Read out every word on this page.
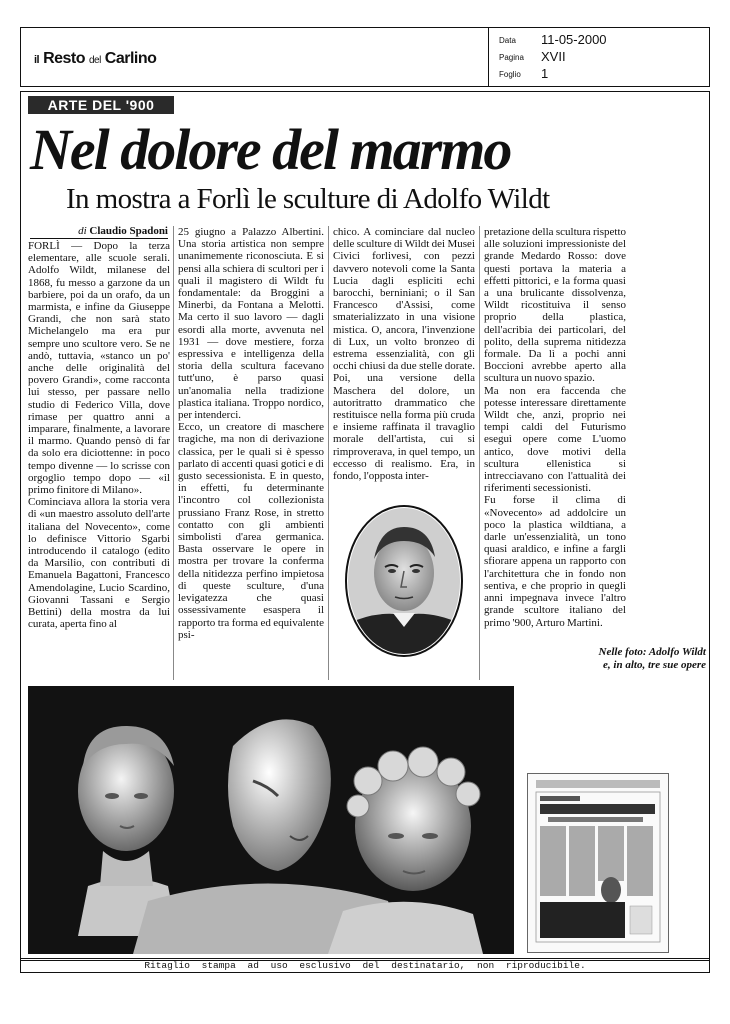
il Resto del Carlino
Data	11-05-2000
Pagina	XVII
Foglio	1
ARTE DEL '900
Nel dolore del marmo
In mostra a Forlì le sculture di Adolfo Wildt
di Claudio Spadoni

FORLÌ — Dopo la terza elementare, alle scuole serali. Adolfo Wildt, milanese del 1868, fu messo a garzone da un barbiere, poi da un orafo, da un marmista, e infine da Giuseppe Grandi, che non sarà stato Michelangelo ma era pur sempre uno scultore vero. Se ne andò, tuttavia, «stanco un po' anche delle originalità del povero Grandi», come racconta lui stesso, per passare nello studio di Federico Villa, dove rimase per quattro anni a imparare, finalmente, a lavorare il marmo. Quando pensò di far da solo era diciottenne: in poco tempo divenne — lo scrisse con orgoglio tempo dopo — «il primo finitore di Milano».

Cominciava allora la storia vera di «un maestro assoluto dell'arte italiana del Novecento», come lo definisce Vittorio Sgarbi introducendo il catalogo (edito da Marsilio, con contributi di Emanuela Bagattoni, Francesco Amendolagine, Lucio Scardino, Giovanni Tassani e Sergio Bettini) della mostra da lui curata, aperta fino al

25 giugno a Palazzo Albertini. Una storia artistica non sempre unanimemente riconosciuta. E si pensi alla schiera di scultori per i quali il magistero di Wildt fu fondamentale: da Broggini a Minerbi, da Fontana a Melotti. Ma certo il suo lavoro — dagli esordi alla morte, avvenuta nel 1931 — dove mestiere, forza espressiva e intelligenza della storia della scultura facevano tutt'uno, è parso quasi un'anomalia nella tradizione plastica italiana. Troppo nordico, per intenderci.

Ecco, un creatore di maschere tragiche, ma non di derivazione classica, per le quali si è spesso parlato di accenti quasi gotici e di gusto secessionista. E in questo, in effetti, fu determinante l'incontro col collezionista prussiano Franz Rose, in stretto contatto con gli ambienti simbolisti d'area germanica. Basta osservare le opere in mostra per trovare la conferma della nitidezza perfino impietosa di queste sculture, d'una levigatezza che quasi ossessivamente esaspera il rapporto tra forma ed equivalente psi-

chico. A cominciare dal nucleo delle sculture di Wildt dei Musei Civici forlivesi, con pezzi davvero notevoli come la Santa Lucia dagli espliciti echi barocchi, berniniani; o il San Francesco d'Assisi, come smaterializzato in una visione mistica. O, ancora, l'invenzione di Lux, un volto bronzeo di estrema essenzialità, con gli occhi chiusi da due stelle dorate. Poi, una versione della Maschera del dolore, un autoritratto drammatico che restituisce nella forma più cruda e insieme raffinata il travaglio morale dell'artista, cui si rimproverava, in quel tempo, un eccesso di realismo. Era, in fondo, l'opposta inter-

pretazione della scultura rispetto alle soluzioni impressioniste del grande Medardo Rosso: dove questi portava la materia a effetti pittorici, e la forma quasi a una brulicante dissolvenza, Wildt ricostituiva il senso proprio della plastica, dell'acribia dei particolari, del polito, della suprema nitidezza formale. Da lì a pochi anni Boccioni avrebbe aperto alla scultura un nuovo spazio.

Ma non era faccenda che potesse interessare direttamente Wildt che, anzi, proprio nei tempi caldi del Futurismo eseguì opere come L'uomo antico, dove motivi della scultura ellenistica si intrecciavano con l'attualità dei riferimenti secessionisti.

Fu forse il clima di «Novecento» ad addolcire un poco la plastica wildtiana, a darle un'essenzialità, un tono quasi araldico, e infine a fargli sfiorare appena un rapporto con l'architettura che in fondo non sentiva, e che proprio in quegli anni impegnava invece l'altro grande scultore italiano del primo '900, Arturo Martini.

Nelle foto: Adolfo Wildt
e, in alto, tre sue opere
Ritaglio stampa ad uso esclusivo del destinatario, non riproducibile.
